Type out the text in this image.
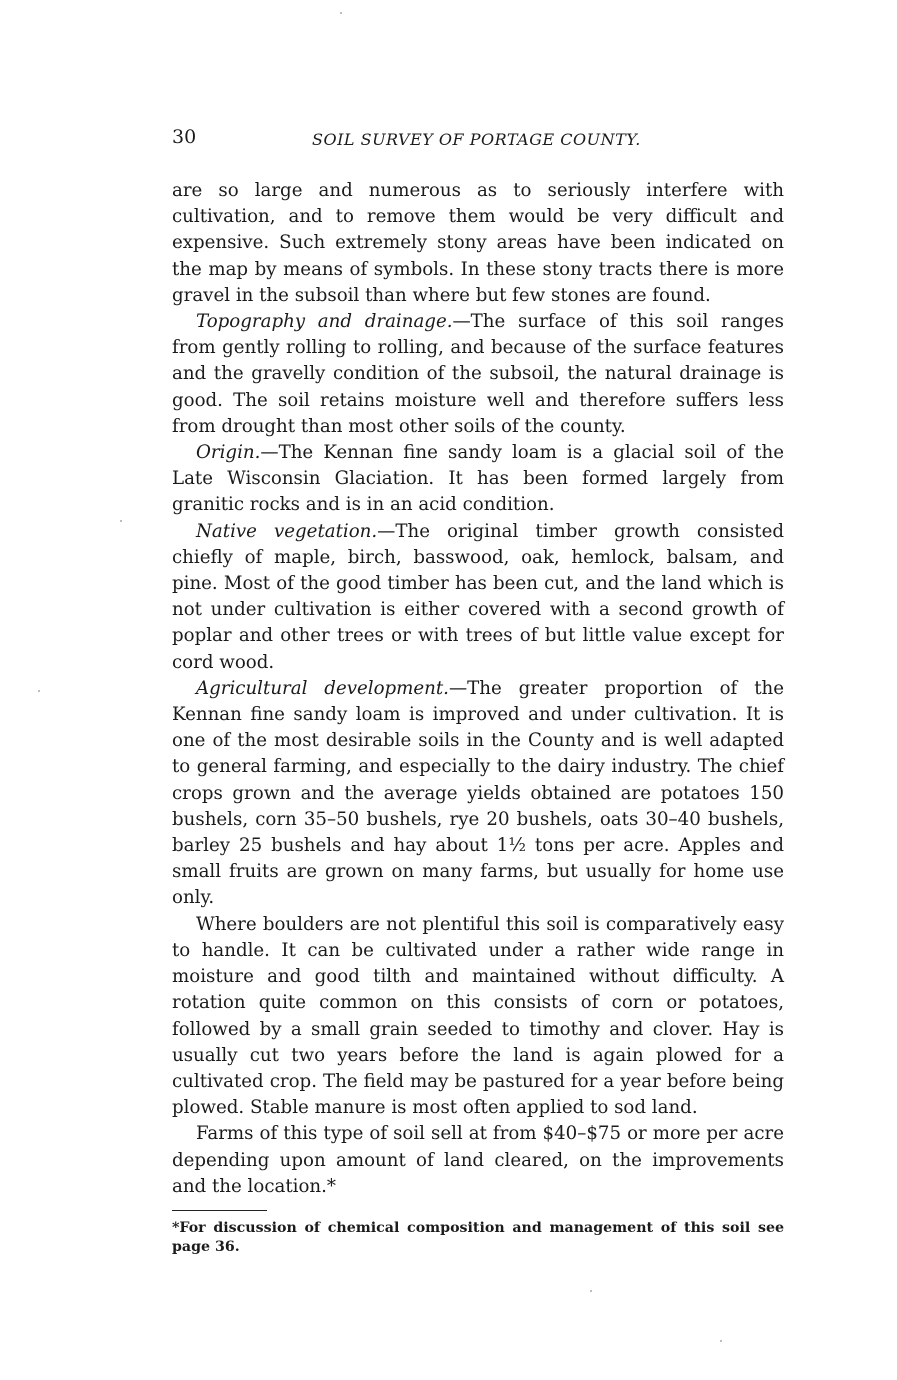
30	SOIL SURVEY OF PORTAGE COUNTY.

are so large and numerous as to seriously interfere with cultivation, and to remove them would be very difficult and expensive. Such extremely stony areas have been indicated on the map by means of symbols. In these stony tracts there is more gravel in the subsoil than where but few stones are found.

Topography and drainage.—The surface of this soil ranges from gently rolling to rolling, and because of the surface features and the gravelly condition of the subsoil, the natural drainage is good. The soil retains moisture well and therefore suffers less from drought than most other soils of the county.

Origin.—The Kennan fine sandy loam is a glacial soil of the Late Wisconsin Glaciation. It has been formed largely from granitic rocks and is in an acid condition.

Native vegetation.—The original timber growth consisted chiefly of maple, birch, basswood, oak, hemlock, balsam, and pine. Most of the good timber has been cut, and the land which is not under cultivation is either covered with a second growth of poplar and other trees or with trees of but little value except for cord wood.

Agricultural development.—The greater proportion of the Kennan fine sandy loam is improved and under cultivation. It is one of the most desirable soils in the County and is well adapted to general farming, and especially to the dairy industry. The chief crops grown and the average yields obtained are potatoes 150 bushels, corn 35–50 bushels, rye 20 bushels, oats 30–40 bushels, barley 25 bushels and hay about 1½ tons per acre. Apples and small fruits are grown on many farms, but usually for home use only.

Where boulders are not plentiful this soil is comparatively easy to handle. It can be cultivated under a rather wide range in moisture and good tilth and maintained without difficulty. A rotation quite common on this consists of corn or potatoes, followed by a small grain seeded to timothy and clover. Hay is usually cut two years before the land is again plowed for a cultivated crop. The field may be pastured for a year before being plowed. Stable manure is most often applied to sod land.

Farms of this type of soil sell at from $40–$75 or more per acre depending upon amount of land cleared, on the improvements and the location.*

*For discussion of chemical composition and management of this soil see page 36.
